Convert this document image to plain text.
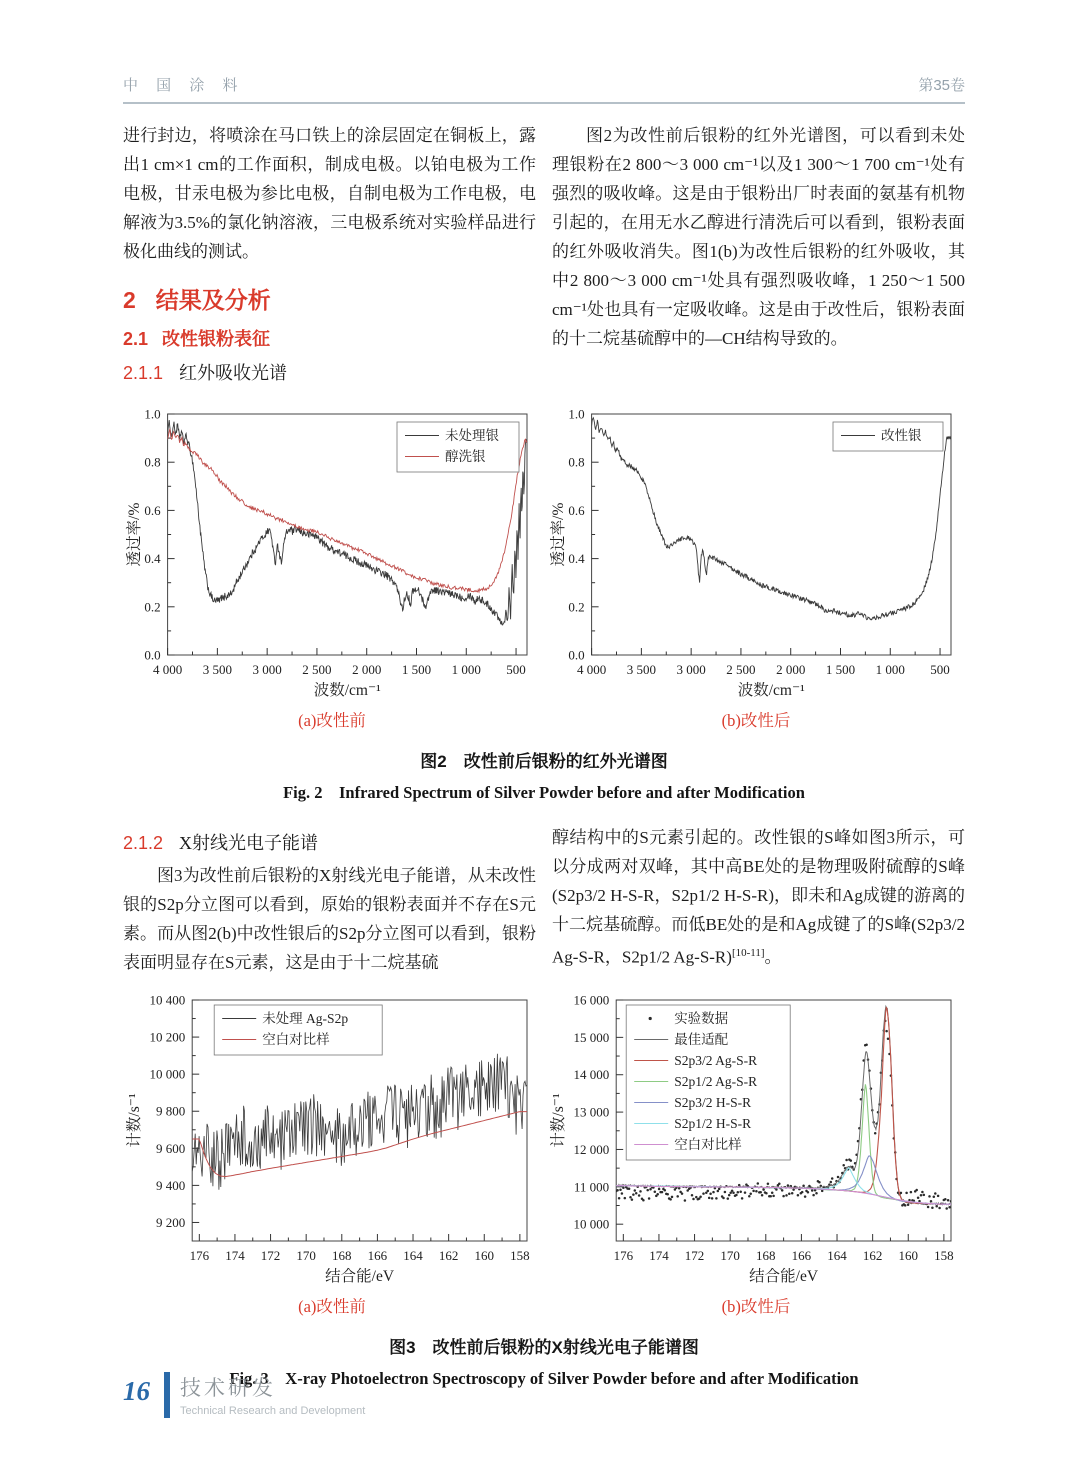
中 国 涂 料	第35卷

进行封边，将喷涂在马口铁上的涂层固定在铜板上，露出1 cm×1 cm的工作面积，制成电极。以铂电极为工作电极，甘汞电极为参比电极，自制电极为工作电极，电解液为3.5%的氯化钠溶液，三电极系统对实验样品进行极化曲线的测试。

2 结果及分析
2.1 改性银粉表征
2.1.1 红外吸收光谱

图2为改性前后银粉的红外光谱图，可以看到未处理银粉在2 800～3 000 cm⁻¹以及1 300～1 700 cm⁻¹处有强烈的吸收峰。这是由于银粉出厂时表面的氨基有机物引起的，在用无水乙醇进行清洗后可以看到，银粉表面的红外吸收消失。图1(b)为改性后银粉的红外吸收，其中2 800～3 000 cm⁻¹处具有强烈吸收峰，1 250～1 500 cm⁻¹处也具有一定吸收峰。这是由于改性后，银粉表面的十二烷基硫醇中的—CH结构导致的。

4 000 3 500 3 000 2 500 2 000 1 500 1 000 500
0.0
0.2
0.4
0.6
0.8
1.0
波数/cm⁻¹
透过率/%
未处理银
醇洗银
(a)改性前
4 000 3 500 3 000 2 500 2 000 1 500 1 000 500
0.0
0.2
0.4
0.6
0.8
1.0
波数/cm⁻¹
透过率/%
改性银
(b)改性后
图2　改性前后银粉的红外光谱图
Fig. 2　Infrared Spectrum of Silver Powder before and after Modification
2.1.2 X射线光电子能谱

图3为改性前后银粉的X射线光电子能谱，从未改性银的S2p分立图可以看到，原始的银粉表面并不存在S元素。而从图2(b)中改性银后的S2p分立图可以看到，银粉表面明显存在S元素，这是由于十二烷基硫

醇结构中的S元素引起的。改性银的S峰如图3所示，可以分成两对双峰，其中高BE处的是物理吸附硫醇的S峰(S2p3/2 H-S-R，S2p1/2 H-S-R)，即未和Ag成键的游离的十二烷基硫醇。而低BE处的是和Ag成键了的S峰(S2p3/2 Ag-S-R，S2p1/2 Ag-S-R)[10-11]。

176 174 172 170 168 166 164 162 160 158
9 200
9 400
9 600
9 800
10 000
10 200
10 400
结合能/eV
计数/s⁻¹
未处理 Ag-S2p
空白对比样
(a)改性前
176 174 172 170 168 166 164 162 160 158
10 000
11 000
12 000
13 000
14 000
15 000
16 000
结合能/eV
计数/s⁻¹
实验数据
最佳适配
S2p3/2 Ag-S-R
S2p1/2 Ag-S-R
S2p3/2 H-S-R
S2p1/2 H-S-R
空白对比样
(b)改性后
图3　改性前后银粉的X射线光电子能谱图
Fig. 3　X-ray Photoelectron Spectroscopy of Silver Powder before and after Modification
16 技术研发
Technical Research and Development
